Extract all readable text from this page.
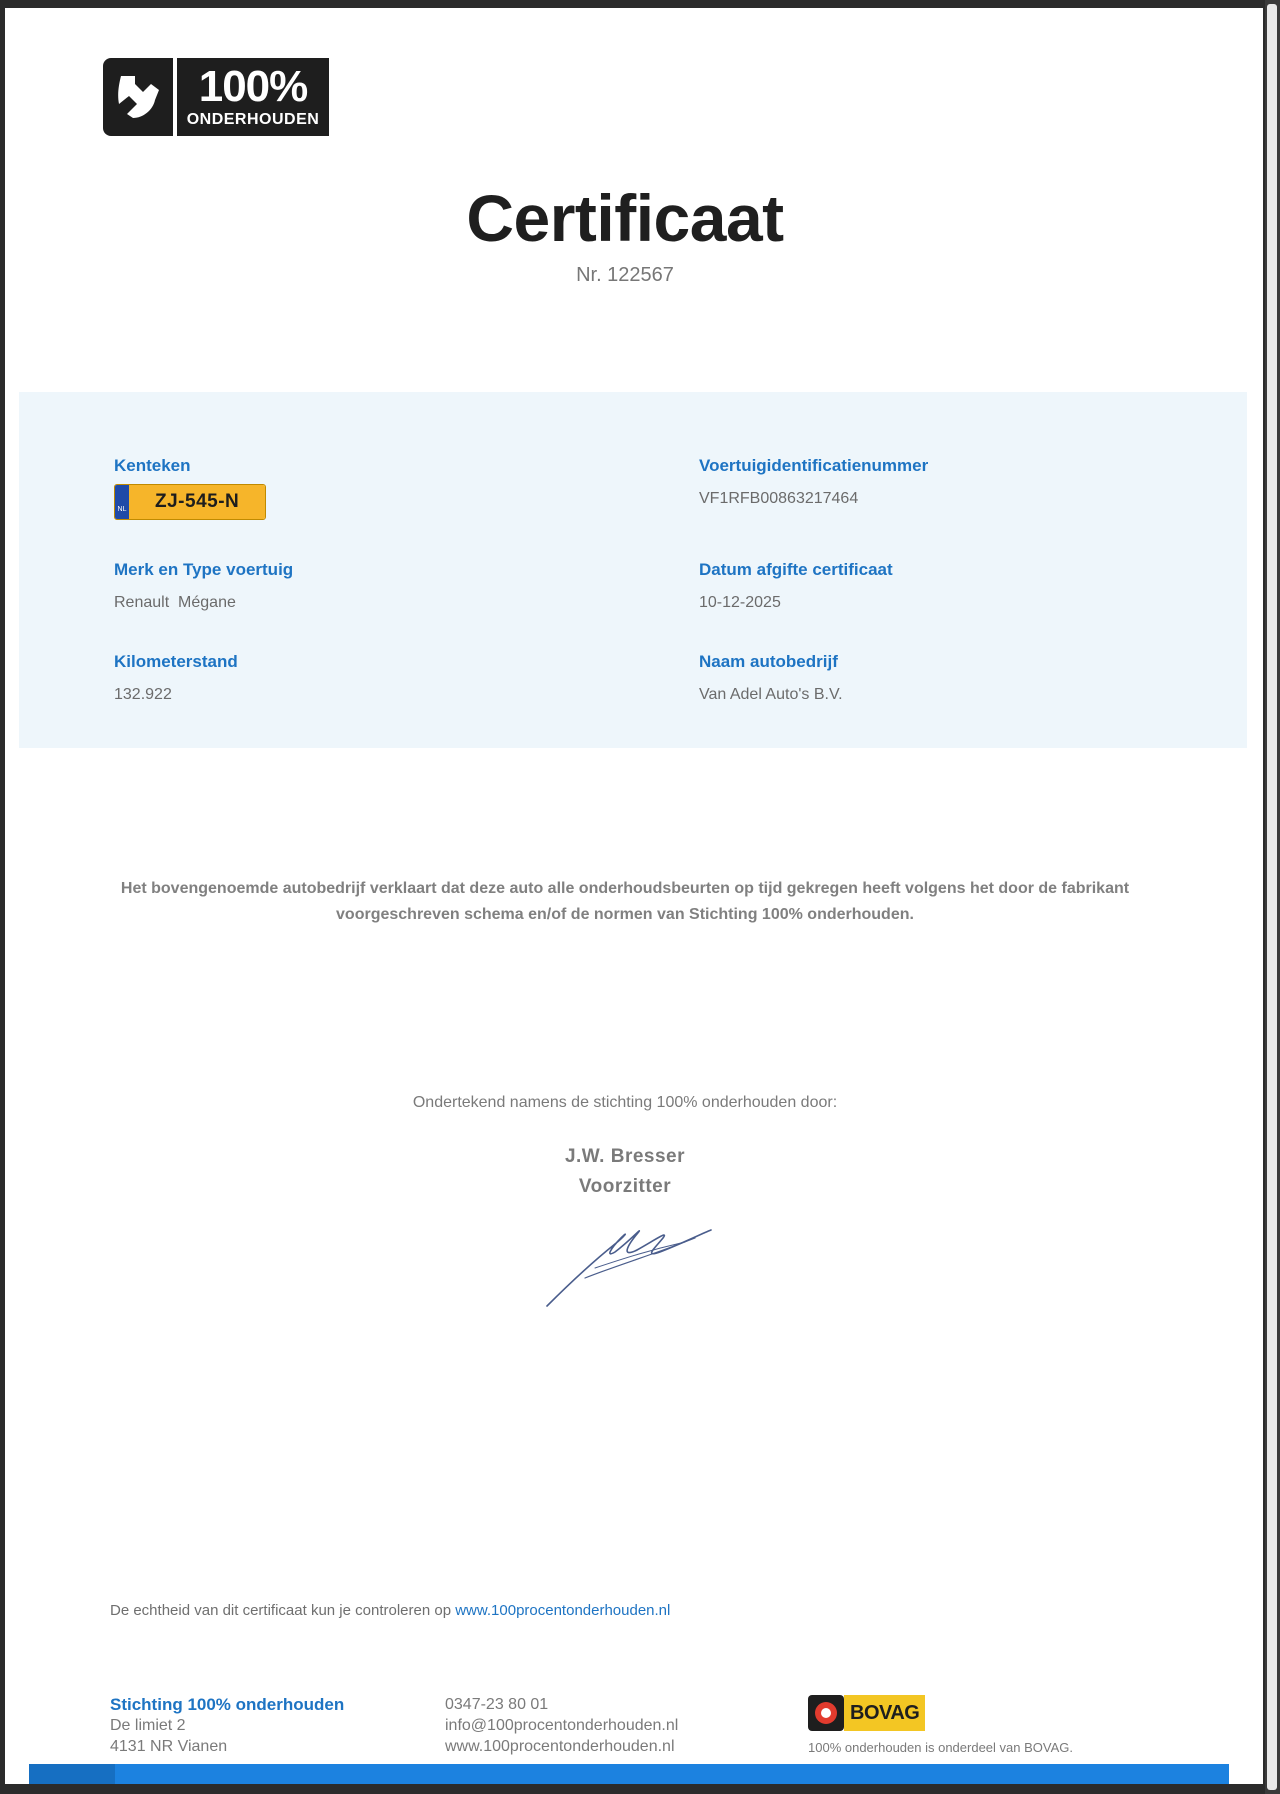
100%
ONDERHOUDEN
Certificaat
Nr. 122567
Kenteken
NL	ZJ-545-N
Voertuigidentificatienummer
VF1RFB00863217464
Merk en Type voertuig
Renault  Mégane
Datum afgifte certificaat
10-12-2025
Kilometerstand
132.922
Naam autobedrijf
Van Adel Auto's B.V.
Het bovengenoemde autobedrijf verklaart dat deze auto alle onderhoudsbeurten op tijd gekregen heeft volgens het door de fabrikant
voorgeschreven schema en/of de normen van Stichting 100% onderhouden.
Ondertekend namens de stichting 100% onderhouden door:
J.W. Bresser
Voorzitter
De echtheid van dit certificaat kun je controleren op www.100procentonderhouden.nl
Stichting 100% onderhouden
De limiet 2
4131 NR Vianen
0347-23 80 01
info@100procentonderhouden.nl
www.100procentonderhouden.nl
BOVAG
100% onderhouden is onderdeel van BOVAG.
